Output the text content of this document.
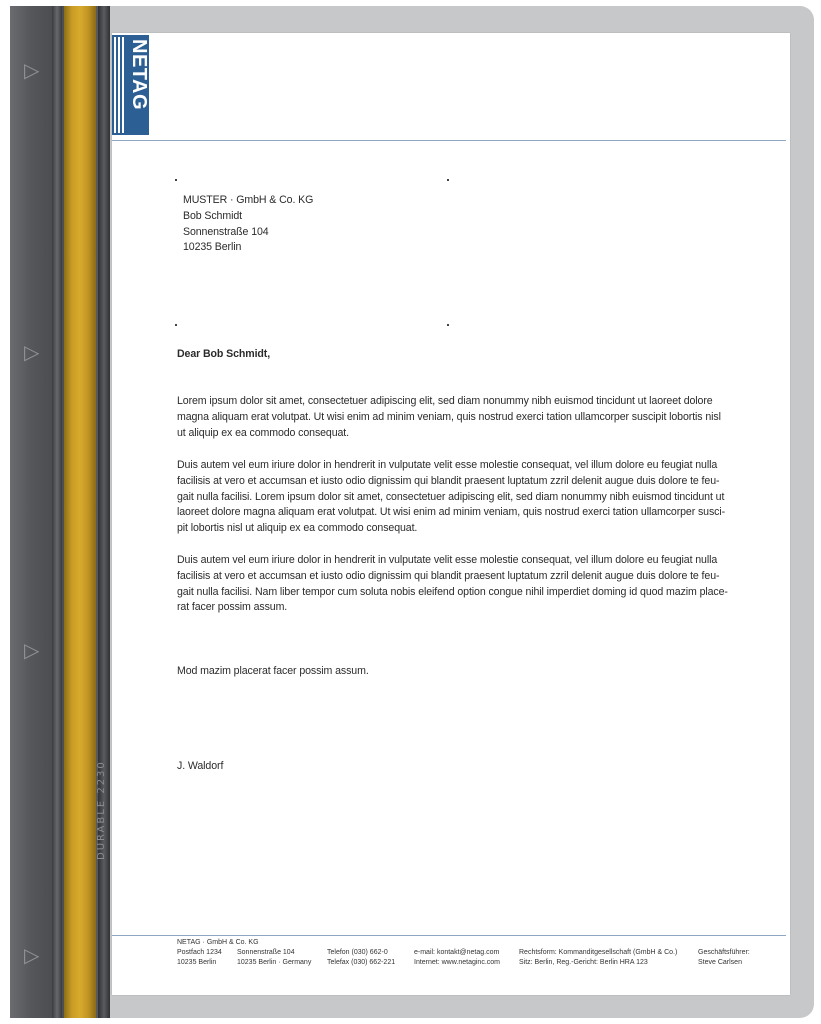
▷
▷
▷
▷
DURABLE 2230
NETAG
MUSTER · GmbH & Co. KG
Bob Schmidt
Sonnenstraße 104
10235 Berlin
Dear Bob Schmidt,
Lorem ipsum dolor sit amet, consectetuer adipiscing elit, sed diam nonummy nibh euismod tincidunt ut laoreet dolore
magna aliquam erat volutpat. Ut wisi enim ad minim veniam, quis nostrud exerci tation ullamcorper suscipit lobortis nisl
ut aliquip ex ea commodo consequat.
Duis autem vel eum iriure dolor in hendrerit in vulputate velit esse molestie consequat, vel illum dolore eu feugiat nulla
facilisis at vero et accumsan et iusto odio dignissim qui blandit praesent luptatum zzril delenit augue duis dolore te feu-
gait nulla facilisi. Lorem ipsum dolor sit amet, consectetuer adipiscing elit, sed diam nonummy nibh euismod tincidunt ut
laoreet dolore magna aliquam erat volutpat. Ut wisi enim ad minim veniam, quis nostrud exerci tation ullamcorper susci-
pit lobortis nisl ut aliquip ex ea commodo consequat.
Duis autem vel eum iriure dolor in hendrerit in vulputate velit esse molestie consequat, vel illum dolore eu feugiat nulla
facilisis at vero et accumsan et iusto odio dignissim qui blandit praesent luptatum zzril delenit augue duis dolore te feu-
gait nulla facilisi. Nam liber tempor cum soluta nobis eleifend option congue nihil imperdiet doming id quod mazim place-
rat facer possim assum.
Mod mazim placerat facer possim assum.
J. Waldorf
NETAG · GmbH & Co. KG
Postfach 1234
10235 Berlin
Sonnenstraße 104
10235 Berlin · Germany
Telefon (030) 662-0
Telefax (030) 662-221
e-mail: kontakt@netag.com
Internet: www.netaginc.com
Rechtsform: Kommanditgesellschaft (GmbH & Co.)
Sitz: Berlin, Reg.-Gericht: Berlin HRA 123
Geschäftsführer:
Steve Carlsen
